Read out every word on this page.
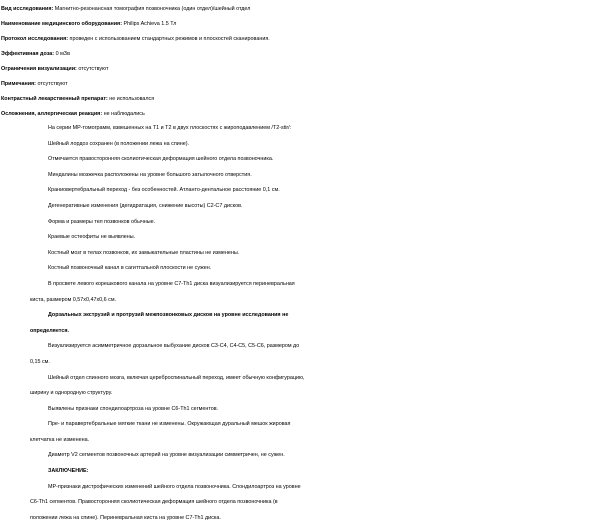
Вид исследования: Магнитно-резонансная томография позвоночника (один отдел)/шейный отдел
Наименование медицинского оборудования: Philips Achieva 1.5 Тл
Протокол исследования: проведен с использованием стандартных режимов и плоскостей сканирования.
Эффективная доза: 0 мЗв
Ограничения визуализации: отсутствуют
Примечания: отсутствуют
Контрастный лекарственный препарат: не использовался
Осложнения, аллергическая реакция: не наблюдались
На серии МР-томограмм, взвешенных на Т1 и Т2 в двух плоскостях с жироподавлением /T2-stir/:
Шейный лордоз сохранен (в положении лежа на спине).
Отмечается правосторонняя сколиотическая деформация шейного отдела позвоночника.
Миндалины мозжечка расположены на уровне большого затылочного отверстия.
Краниовертебральный переход - без особенностей. Атланто-дентальное расстояние 0,1 см.
Дегенеративные изменения (дегидратация, снижение высоты) С2-С7 дисков.
Форма и размеры тел позвонков обычные.
Краевые остеофиты не выявлены.
Костный мозг в телах позвонков, их замыкательные пластины не изменены.
Костный позвоночный канал в сагиттальной плоскости не сужен.
В просвете левого корешкового канала на уровне С7-Th1 диска визуализируется периневральная
киста, размером 0,57х0,47х0,6 см.
Дорзальных экструзий и протрузий межпозвонковых дисков на уровне исследования не
определяется.
Визуализируется асимметричное дорзальное выбухание дисков С3-С4, С4-С5, С5-С6, размером до
0,15 см.
Шейный отдел спинного мозга, включая цереброспинальный переход, имеет обычную конфигурацию,
ширину и однородную структуру.
Выявлены признаки спондилоартроза на уровне С6-Th1 сегментов.
Пре- и паравертебральные мягкие ткани не изменены. Окружающая дуральный мешок жировая
клетчатка не изменена.
Диаметр V2 сегментов позвоночных артерий на уровне визуализации симметричен, не сужен.
ЗАКЛЮЧЕНИЕ:
МР-признаки дистрофических изменений шейного отдела позвоночника. Спондилоартроз на уровне
С6-Th1 сегментов. Правосторонняя сколиотическая деформация шейного отдела позвоночника (в
положении лежа на спине). Периневральная киста на уровне С7-Th1 диска.
